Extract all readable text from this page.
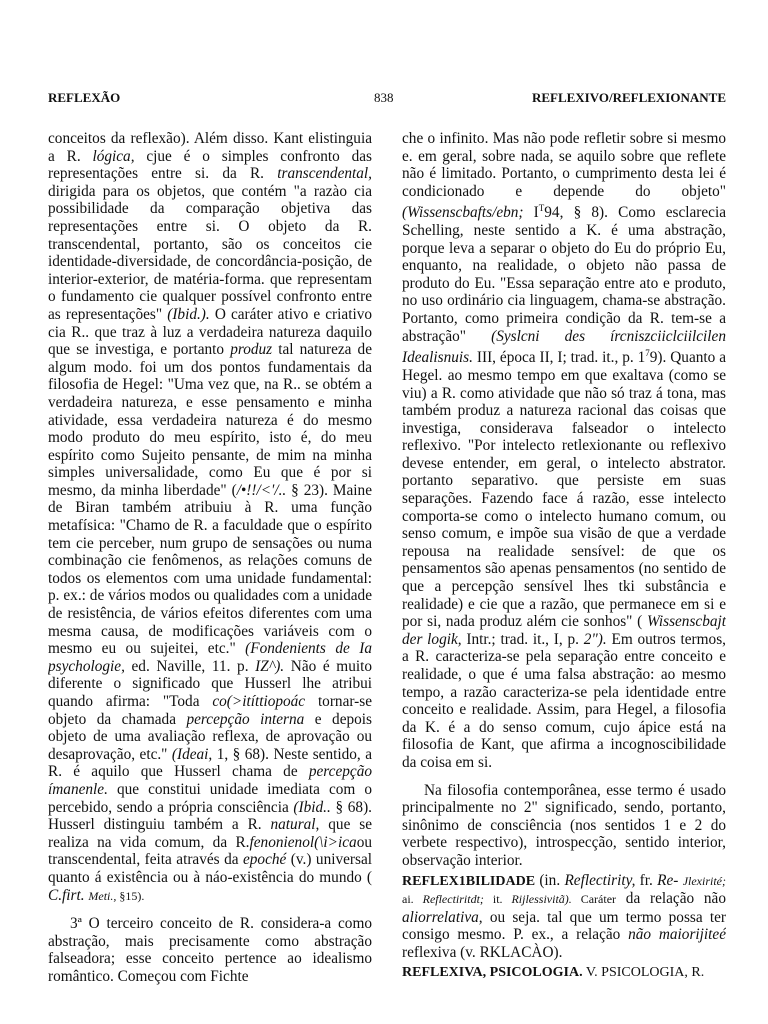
REFLEXÃO	838	REFLEXIVO/REFLEXIONANTE

conceitos da reflexão). Além disso. Kant elistinguia a R. lógica, cjue é o simples confronto das representações entre si. da R. transcendental, dirigida para os objetos, que contém "a razào cia possibilidade da comparação objetiva das representações entre si. O objeto da R. transcendental, portanto, são os conceitos cie identidade-diversidade, de concordância-posição, de interior-exterior, de matéria-forma. que representam o fundamento cie qualquer possível confronto entre as representações" (Ibid.). O caráter ativo e criativo cia R.. que traz à luz a verdadeira natureza daquilo que se investiga, e portanto produz tal natureza de algum modo. foi um dos pontos fundamentais da filosofia de Hegel: "Uma vez que, na R.. se obtém a verdadeira natureza, e esse pensamento e minha atividade, essa verdadeira natureza é do mesmo modo produto do meu espírito, isto é, do meu espírito como Sujeito pensante, de mim na minha simples universalidade, como Eu que é por si mesmo, da minha liberdade" (/•!!/<'/.. § 23). Maine de Biran também atribuiu à R. uma função metafísica: "Chamo de R. a faculdade que o espírito tem cie perceber, num grupo de sensações ou numa combinação cie fenômenos, as relações comuns de todos os elementos com uma unidade fundamental: p. ex.: de vários modos ou qualidades com a unidade de resistência, de vários efeitos diferentes com uma mesma causa, de modificações variáveis com o mesmo eu ou sujeitei, etc." (Fondenients de Ia psychologie, ed. Naville, 11. p. IZ^). Não é muito diferente o significado que Husserl lhe atribui quando afirma: "Toda co(>itíttiopoác tornar-se objeto da chamada percepção interna e depois objeto de uma avaliação reflexa, de aprovação ou desaprovação, etc." (Ideai, 1, § 68). Neste sentido, a R. é aquilo que Husserl chama de percepção ímanenle. que constitui unidade imediata com o percebido, sendo a própria consciência (Ibid.. § 68). Husserl distinguiu também a R. natural, que se realiza na vida comum, da R.fenonienol(\i>icaou transcendental, feita através da epoché (v.) universal quanto á existência ou à náo-existência do mundo ( C.firt. Meti., §15).

3ª O terceiro conceito de R. considera-a como abstração, mais precisamente como abstração falseadora; esse conceito pertence ao idealismo romântico. Começou com Fichte

che o infinito. Mas não pode refletir sobre si mesmo e. em geral, sobre nada, se aquilo sobre que reflete não é limitado. Portanto, o cumprimento desta lei é condicionado e depende do objeto" (Wissenscbafts/ebn; $I^T94$, § 8). Como esclarecia Schelling, neste sentido a K. é uma abstração, porque leva a separar o objeto do Eu do próprio Eu, enquanto, na realidade, o objeto não passa de produto do Eu. "Essa separação entre ato e produto, no uso ordinário cia linguagem, chama-se abstração. Portanto, como primeira condição da R. tem-se a abstração" (Syslcni des írcniszciiclciilcilen Idealisnuis. III, época II, I; trad. it., p. $1^79$). Quanto a Hegel. ao mesmo tempo em que exaltava (como se viu) a R. como atividade que não só traz á tona, mas também produz a natureza racional das coisas que investiga, considerava falseador o intelecto reflexivo. "Por intelecto retlexionante ou reflexivo devese entender, em geral, o intelecto abstrator. portanto separativo. que persiste em suas separações. Fazendo face á razão, esse intelecto comporta-se como o intelecto humano comum, ou senso comum, e impõe sua visão de que a verdade repousa na realidade sensível: de que os pensamentos são apenas pensamentos (no sentido de que a percepção sensível lhes tki substância e realidade) e cie que a razão, que permanece em si e por si, nada produz além cie sonhos" ( Wissenscbajt der logik, Intr.; trad. it., I, p. 2"). Em outros termos, a R. caracteriza-se pela separação entre conceito e realidade, o que é uma falsa abstração: ao mesmo tempo, a razão caracteriza-se pela identidade entre conceito e realidade. Assim, para Hegel, a filosofia da K. é a do senso comum, cujo ápice está na filosofia de Kant, que afirma a incognoscibilidade da coisa em si.

Na filosofia contemporânea, esse termo é usado principalmente no 2" significado, sendo, portanto, sinônimo de consciência (nos sentidos 1 e 2 do verbete respectivo), introspecção, sentido interior, observação interior.

REFLEX1BILIDADE (in. Reflectirity, fr. Re- Jlexirité; ai. Reflectiritdt; it. Rijlessivitã). Caráter da relação não aliorrelativa, ou seja. tal que um termo possa ter consigo mesmo. P. ex., a relação não maiorijiteé reflexiva (v. RKLACÀO).

REFLEXIVA, PSICOLOGIA. V. PSICOLOGIA, R.
